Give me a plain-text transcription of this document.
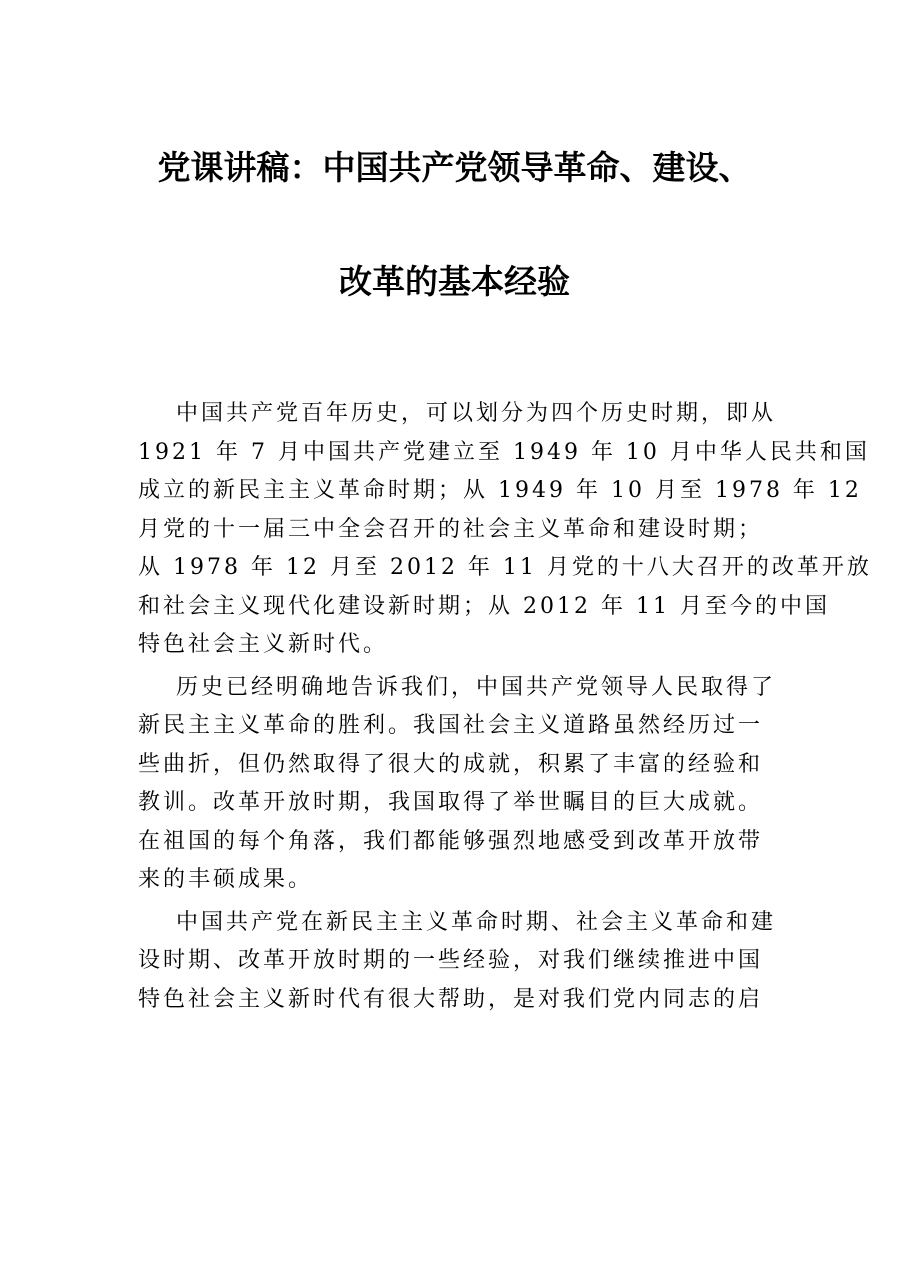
党课讲稿：中国共产党领导革命、建设、
改革的基本经验

中国共产党百年历史，可以划分为四个历史时期，即从
1921 年 7 月中国共产党建立至 1949 年 10 月中华人民共和国
成立的新民主主义革命时期；从 1949 年 10 月至 1978 年 12
月党的十一届三中全会召开的社会主义革命和建设时期；
从 1978 年 12 月至 2012 年 11 月党的十八大召开的改革开放
和社会主义现代化建设新时期；从 2012 年 11 月至今的中国
特色社会主义新时代。

历史已经明确地告诉我们，中国共产党领导人民取得了
新民主主义革命的胜利。我国社会主义道路虽然经历过一
些曲折，但仍然取得了很大的成就，积累了丰富的经验和
教训。改革开放时期，我国取得了举世瞩目的巨大成就。
在祖国的每个角落，我们都能够强烈地感受到改革开放带
来的丰硕成果。

中国共产党在新民主主义革命时期、社会主义革命和建
设时期、改革开放时期的一些经验，对我们继续推进中国
特色社会主义新时代有很大帮助，是对我们党内同志的启
